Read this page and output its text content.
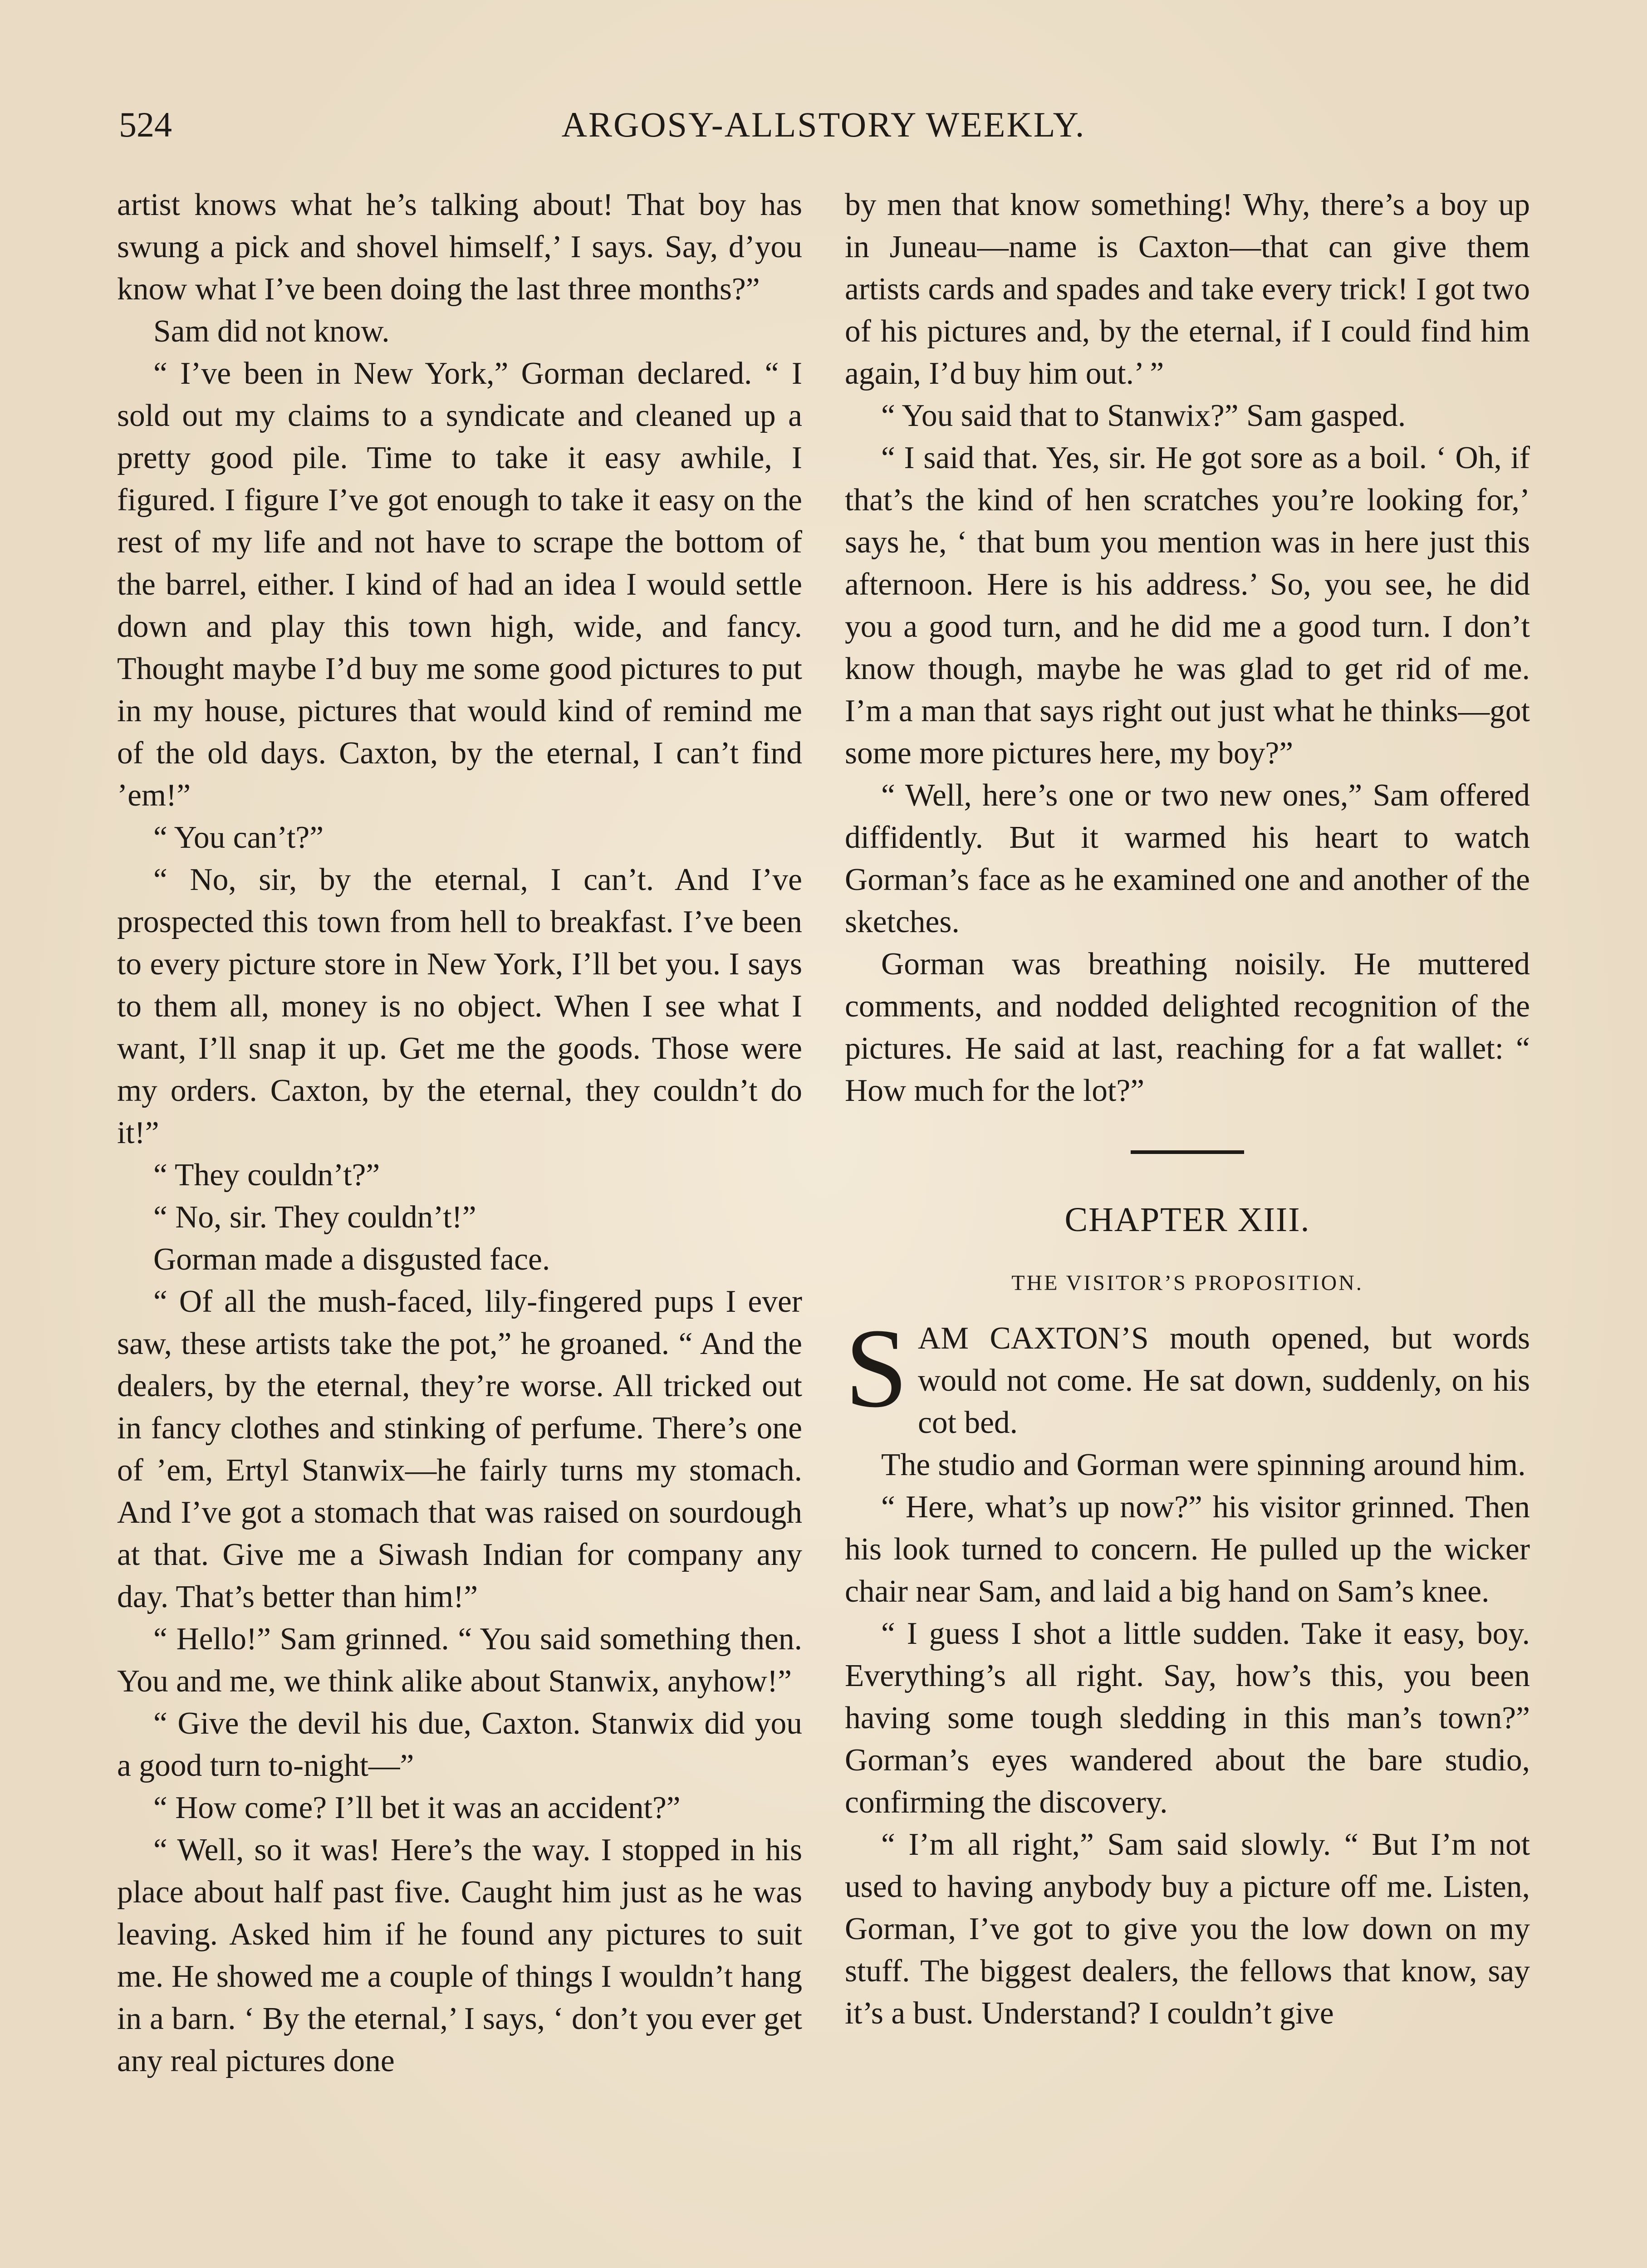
524	ARGOSY-ALLSTORY WEEKLY.

artist knows what he’s talking about! That boy has swung a pick and shovel himself,’ I says. Say, d’you know what I’ve been doing the last three months?”

Sam did not know.

“ I’ve been in New York,” Gorman declared. “ I sold out my claims to a syndicate and cleaned up a pretty good pile. Time to take it easy awhile, I figured. I figure I’ve got enough to take it easy on the rest of my life and not have to scrape the bottom of the barrel, either. I kind of had an idea I would settle down and play this town high, wide, and fancy. Thought maybe I’d buy me some good pictures to put in my house, pictures that would kind of remind me of the old days. Caxton, by the eternal, I can’t find ’em!”

“ You can’t?”

“ No, sir, by the eternal, I can’t. And I’ve prospected this town from hell to breakfast. I’ve been to every picture store in New York, I’ll bet you. I says to them all, money is no object. When I see what I want, I’ll snap it up. Get me the goods. Those were my orders. Caxton, by the eternal, they couldn’t do it!”

“ They couldn’t?”

“ No, sir. They couldn’t!”

Gorman made a disgusted face.

“ Of all the mush-faced, lily-fingered pups I ever saw, these artists take the pot,” he groaned. “ And the dealers, by the eternal, they’re worse. All tricked out in fancy clothes and stinking of perfume. There’s one of ’em, Ertyl Stanwix—he fairly turns my stomach. And I’ve got a stomach that was raised on sourdough at that. Give me a Siwash Indian for company any day. That’s better than him!”

“ Hello!” Sam grinned. “ You said something then. You and me, we think alike about Stanwix, anyhow!”

“ Give the devil his due, Caxton. Stanwix did you a good turn to-night—”

“ How come? I’ll bet it was an accident?”

“ Well, so it was! Here’s the way. I stopped in his place about half past five. Caught him just as he was leaving. Asked him if he found any pictures to suit me. He showed me a couple of things I wouldn’t hang in a barn. ‘ By the eternal,’ I says, ‘ don’t you ever get any real pictures done

by men that know something! Why, there’s a boy up in Juneau—name is Caxton—that can give them artists cards and spades and take every trick! I got two of his pictures and, by the eternal, if I could find him again, I’d buy him out.’ ”

“ You said that to Stanwix?” Sam gasped.

“ I said that. Yes, sir. He got sore as a boil. ‘ Oh, if that’s the kind of hen scratches you’re looking for,’ says he, ‘ that bum you mention was in here just this afternoon. Here is his address.’ So, you see, he did you a good turn, and he did me a good turn. I don’t know though, maybe he was glad to get rid of me. I’m a man that says right out just what he thinks—got some more pictures here, my boy?”

“ Well, here’s one or two new ones,” Sam offered diffidently. But it warmed his heart to watch Gorman’s face as he examined one and another of the sketches.

Gorman was breathing noisily. He muttered comments, and nodded delighted recognition of the pictures. He said at last, reaching for a fat wallet: “ How much for the lot?”

CHAPTER XIII.
THE VISITOR’S PROPOSITION.

SAM CAXTON’S mouth opened, but words would not come. He sat down, suddenly, on his cot bed.

The studio and Gorman were spinning around him.

“ Here, what’s up now?” his visitor grinned. Then his look turned to concern. He pulled up the wicker chair near Sam, and laid a big hand on Sam’s knee.

“ I guess I shot a little sudden. Take it easy, boy. Everything’s all right. Say, how’s this, you been having some tough sledding in this man’s town?” Gorman’s eyes wandered about the bare studio, confirming the discovery.

“ I’m all right,” Sam said slowly. “ But I’m not used to having anybody buy a picture off me. Listen, Gorman, I’ve got to give you the low down on my stuff. The biggest dealers, the fellows that know, say it’s a bust. Understand? I couldn’t give
